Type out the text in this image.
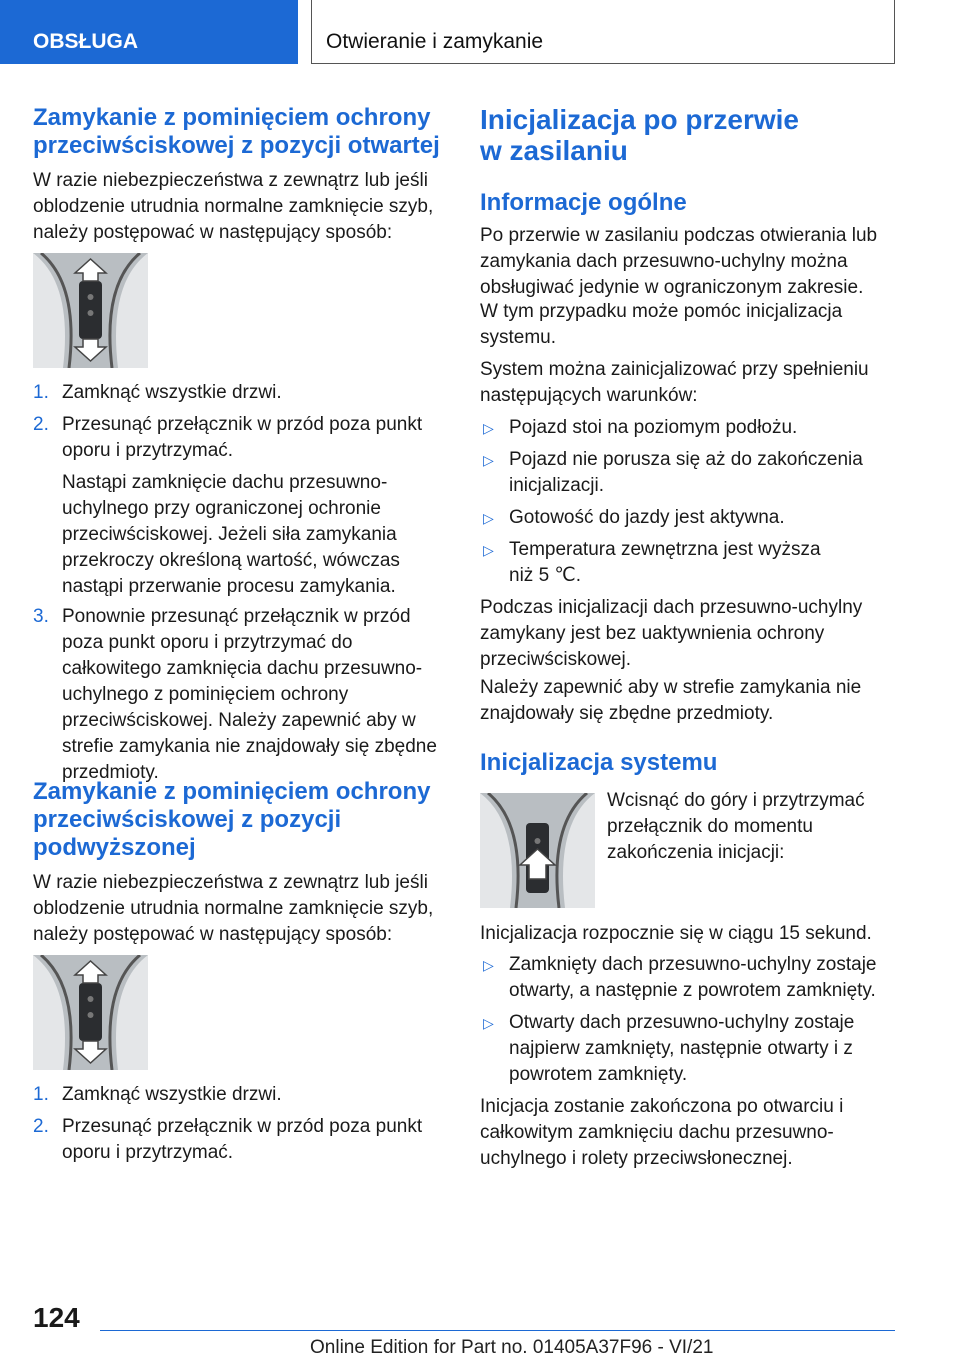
OBSŁUGA	Otwieranie i zamykanie
Zamykanie z pominięciem ochrony przeciwściskowej z pozycji otwartej

W razie niebezpieczeństwa z zewnątrz lub jeśli oblodzenie utrudnia normalne zamknięcie szyb, należy postępować w następujący sposób:

1. Zamknąć wszystkie drzwi.

2. Przesunąć przełącznik w przód poza punkt oporu i przytrzymać.

Nastąpi zamknięcie dachu przesuwno-uchylnego przy ograniczonej ochronie przeciwściskowej. Jeżeli siła zamykania przekroczy określoną wartość, wówczas nastąpi przerwanie procesu zamykania.

3. Ponownie przesunąć przełącznik w przód poza punkt oporu i przytrzymać do całkowitego zamknięcia dachu przesuwno-uchylnego z pominięciem ochrony przeciwściskowej. Należy zapewnić aby w strefie zamykania nie znajdowały się zbędne przedmioty.

Zamykanie z pominięciem ochrony przeciwściskowej z pozycji podwyższonej

W razie niebezpieczeństwa z zewnątrz lub jeśli oblodzenie utrudnia normalne zamknięcie szyb, należy postępować w następujący sposób:

1. Zamknąć wszystkie drzwi.

2. Przesunąć przełącznik w przód poza punkt oporu i przytrzymać.

Inicjalizacja po przerwie w zasilaniu
Informacje ogólne

Po przerwie w zasilaniu podczas otwierania lub zamykania dach przesuwno-uchylny można obsługiwać jedynie w ograniczonym zakresie.

W tym przypadku może pomóc inicjalizacja systemu.

System można zainicjalizować przy spełnieniu następujących warunków:

▷ Pojazd stoi na poziomym podłożu.

▷ Pojazd nie porusza się aż do zakończenia inicjalizacji.

▷ Gotowość do jazdy jest aktywna.

▷ Temperatura zewnętrzna jest wyższa niż 5 ℃.

Podczas inicjalizacji dach przesuwno-uchylny zamykany jest bez uaktywnienia ochrony przeciwściskowej.

Należy zapewnić aby w strefie zamykania nie znajdowały się zbędne przedmioty.

Inicjalizacja systemu

Wcisnąć do góry i przytrzymać przełącznik do momentu zakończenia inicjacji:

Inicjalizacja rozpocznie się w ciągu 15 sekund.

▷ Zamknięty dach przesuwno-uchylny zostaje otwarty, a następnie z powrotem zamknięty.

▷ Otwarty dach przesuwno-uchylny zostaje najpierw zamknięty, następnie otwarty i z powrotem zamknięty.

Inicjacja zostanie zakończona po otwarciu i całkowitym zamknięciu dachu przesuwno-uchylnego i rolety przeciwsłonecznej.

124
Online Edition for Part no. 01405A37F96 - VI/21
